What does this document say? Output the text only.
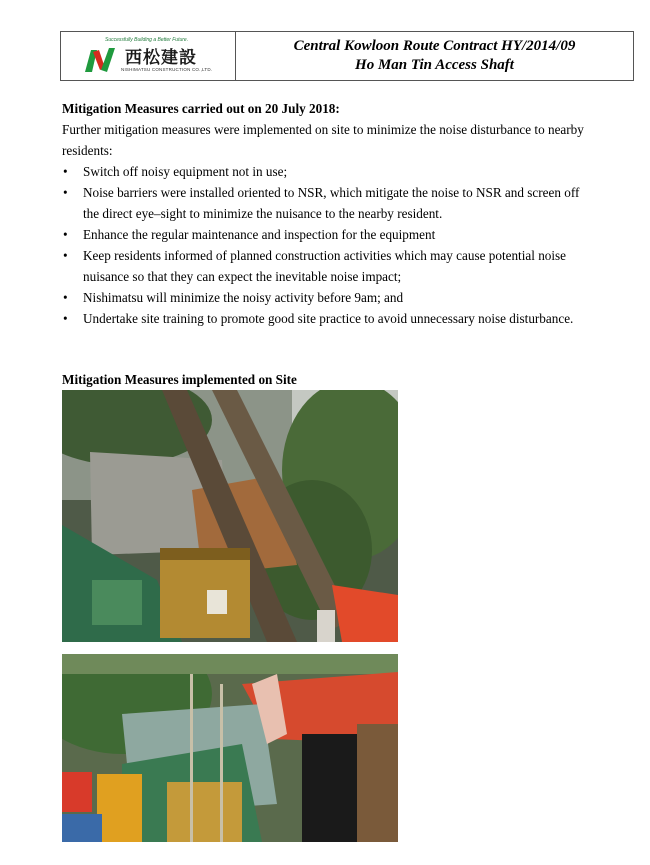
Successfully Building a Better Future.
西松建設
NISHIMATSU CONSTRUCTION CO.,LTD.
Central Kowloon Route Contract HY/2014/09
Ho Man Tin Access Shaft

Mitigation Measures carried out on 20 July 2018:

Further mitigation measures were implemented on site to minimize the noise disturbance to nearby residents:

• Switch off noisy equipment not in use;
• Noise barriers were installed oriented to NSR, which mitigate the noise to NSR and screen off the direct eye–sight to minimize the nuisance to the nearby resident.
• Enhance the regular maintenance and inspection for the equipment
• Keep residents informed of planned construction activities which may cause potential noise nuisance so that they can expect the inevitable noise impact;
• Nishimatsu will minimize the noisy activity before 9am; and
• Undertake site training to promote good site practice to avoid unnecessary noise disturbance.
Mitigation Measures implemented on Site
